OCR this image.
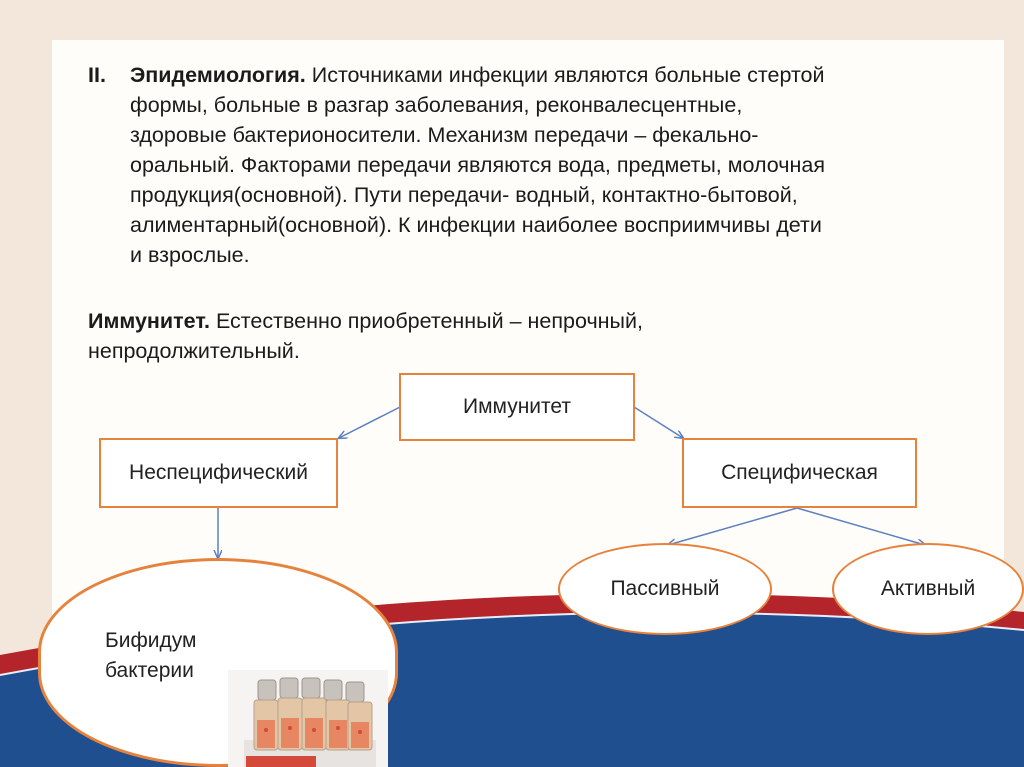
II. Эпидемиология. Источниками инфекции являются больные стертой
формы, больные в разгар заболевания, реконвалесцентные,
здоровые бактерионосители. Механизм передачи – фекально-
оральный. Факторами передачи являются вода, предметы, молочная
продукция(основной). Пути передачи- водный, контактно-бытовой,
алиментарный(основной). К инфекции наиболее восприимчивы дети
и взрослые.
Иммунитет. Естественно приобретенный – непрочный,
непродолжительный.
Иммунитет
Неспецифический	Специфическая
Пассивный	Активный
Бифидум
бактерии
